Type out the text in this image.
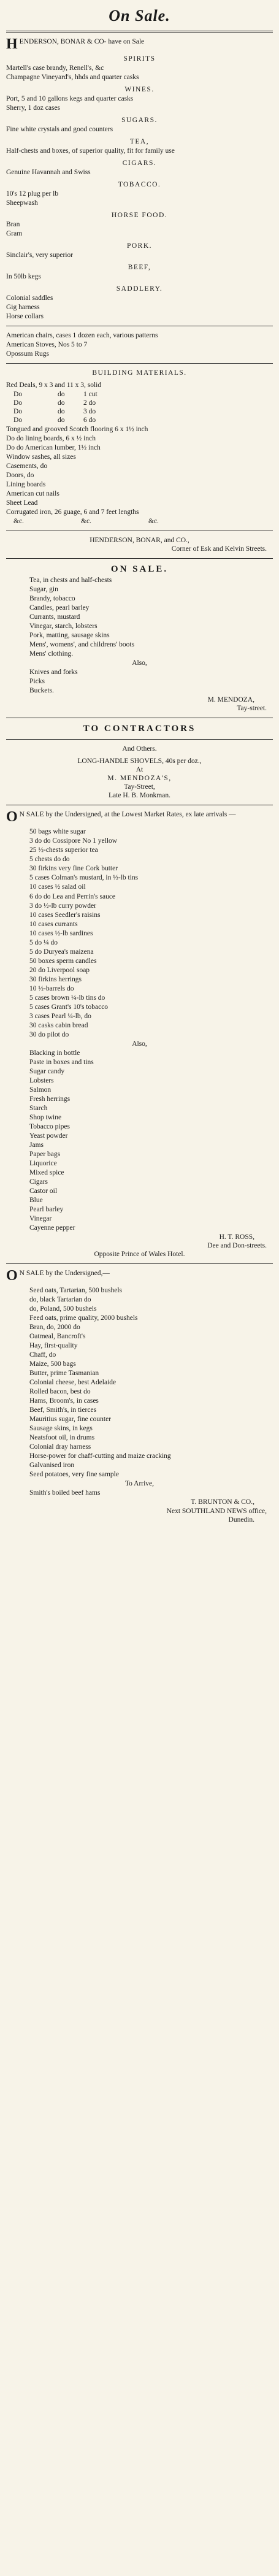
On Sale.
H ENDERSON, BONAR & CO- have on Sale
SPIRITS
Martell's case brandy, Renell's, &c
Champagne Vineyard's, hhds and quarter casks
WINES.
Port, 5 and 10 gallons kegs and quarter casks
Sherry, 1 doz cases
SUGARS.
Fine white crystals and good counters
TEA,
Half-chests and boxes, of superior quality, fit for family use
CIGARS.
Genuine Havannah and Swiss
TOBACCO.
10's 12 plug per lb
Sheepwash
HORSE FOOD.
Bran
Gram
PORK.
Sinclair's, very superior
BEEF,
In 50lb kegs
SADDLERY.
Colonial saddles
Gig harness
Horse collars
American chairs, cases 1 dozen each, various patterns
American Stoves, Nos 5 to 7
Opossum Rugs
BUILDING MATERIALS.
Red Deals, 9 x 3 and 11 x 3, solid
Do	do	1 cut
Do	do	2 do
Do	do	3 do
Do	do	6 do
Tongued and grooved Scotch flooring 6 x 1½ inch
Do do lining boards, 6 x ½ inch
Do do American lumber, 1½ inch
Window sashes, all sizes
Casements, do
Doors, do
Lining boards
American cut nails
Sheet Lead
Corrugated iron, 26 guage, 6 and 7 feet lengths
&c.	&c.	&c.
HENDERSON, BONAR, and CO.,
Corner of Esk and Kelvin Streets.
ON SALE.
Tea, in chests and half-chests
Sugar, gin
Brandy, tobacco
Candles, pearl barley
Currants, mustard
Vinegar, starch, lobsters
Pork, matting, sausage skins
Mens', womens', and childrens' boots
Mens' clothing.
Also,
Knives and forks
Picks
Buckets.
M. MENDOZA,
Tay-street.
TO CONTRACTORS
And Others.
LONG-HANDLE SHOVELS, 40s per doz.,
At
M. MENDOZA'S,
Tay-Street,
Late H. B. Monkman.
O N SALE by the Undersigned, at the Lowest Market Rates, ex late arrivals —
50 bags white sugar
3 do do Cossipore No 1 yellow
25 ½-chests superior tea
5 chests do do
30 firkins very fine Cork butter
5 cases Colman's mustard, in ½-lb tins
10 cases ½ salad oil
6 do do Lea and Perrin's sauce
3 do ½-lb curry powder
10 cases Seedler's raisins
10 cases currants
10 cases ½-lb sardines
5 do ¼ do
5 do Duryea's maizena
50 boxes sperm candles
20 do Liverpool soap
30 firkins herrings
10 ½-barrels do
5 cases brown ¼-lb tins do
5 cases Grant's 10's tobacco
3 cases Pearl ¼-lb, do
30 casks cabin bread
30 do pilot do
Also,
Blacking in bottle
Paste in boxes and tins
Sugar candy
Lobsters
Salmon
Fresh herrings
Starch
Shop twine
Tobacco pipes
Yeast powder
Jams
Paper bags
Liquorice
Mixed spice
Cigars
Castor oil
Blue
Pearl barley
Vinegar
Cayenne pepper
H. T. ROSS,
Dee and Don-streets.
Opposite Prince of Wales Hotel.
O N SALE by the Undersigned,—
Seed oats, Tartarian, 500 bushels
do, black Tartarian do
do, Poland, 500 bushels
Feed oats, prime quality, 2000 bushels
Bran, do, 2000 do
Oatmeal, Bancroft's
Hay, first-quality
Chaff, do
Maize, 500 bags
Butter, prime Tasmanian
Colonial cheese, best Adelaide
Rolled bacon, best do
Hams, Broom's, in cases
Beef, Smith's, in tierces
Mauritius sugar, fine counter
Sausage skins, in kegs
Neatsfoot oil, in drums
Colonial dray harness
Horse-power for chaff-cutting and maize cracking
Galvanised iron
Seed potatoes, very fine sample
To Arrive,
Smith's boiled beef hams
T. BRUNTON & CO.,
Next SOUTHLAND NEWS office,
Dunedin.
